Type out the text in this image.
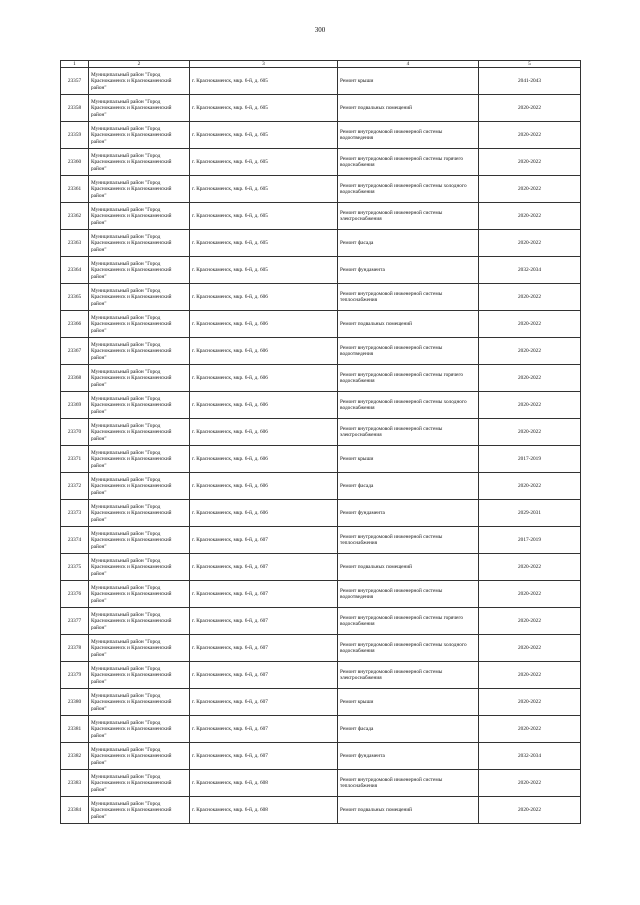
300
1	2	3	4	5
23357	Муниципальный район "Город Краснокаменск и Краснокаменский район"	г. Краснокаменск, мкр. 6-й, д. 605	Ремонт крыши	2041-2043
23358	Муниципальный район "Город Краснокаменск и Краснокаменский район"	г. Краснокаменск, мкр. 6-й, д. 605	Ремонт подвальных помещений	2020-2022
23359	Муниципальный район "Город Краснокаменск и Краснокаменский район"	г. Краснокаменск, мкр. 6-й, д. 605	Ремонт внутридомовой инженерной системы водоотведения	2020-2022
23360	Муниципальный район "Город Краснокаменск и Краснокаменский район"	г. Краснокаменск, мкр. 6-й, д. 605	Ремонт внутридомовой инженерной системы горячего водоснабжения	2020-2022
23361	Муниципальный район "Город Краснокаменск и Краснокаменский район"	г. Краснокаменск, мкр. 6-й, д. 605	Ремонт внутридомовой инженерной системы холодного водоснабжения	2020-2022
23362	Муниципальный район "Город Краснокаменск и Краснокаменский район"	г. Краснокаменск, мкр. 6-й, д. 605	Ремонт внутридомовой инженерной системы электроснабжения	2020-2022
23363	Муниципальный район "Город Краснокаменск и Краснокаменский район"	г. Краснокаменск, мкр. 6-й, д. 605	Ремонт фасада	2020-2022
23364	Муниципальный район "Город Краснокаменск и Краснокаменский район"	г. Краснокаменск, мкр. 6-й, д. 605	Ремонт фундамента	2032-2034
23365	Муниципальный район "Город Краснокаменск и Краснокаменский район"	г. Краснокаменск, мкр. 6-й, д. 606	Ремонт внутридомовой инженерной системы теплоснабжения	2020-2022
23366	Муниципальный район "Город Краснокаменск и Краснокаменский район"	г. Краснокаменск, мкр. 6-й, д. 606	Ремонт подвальных помещений	2020-2022
23367	Муниципальный район "Город Краснокаменск и Краснокаменский район"	г. Краснокаменск, мкр. 6-й, д. 606	Ремонт внутридомовой инженерной системы водоотведения	2020-2022
23368	Муниципальный район "Город Краснокаменск и Краснокаменский район"	г. Краснокаменск, мкр. 6-й, д. 606	Ремонт внутридомовой инженерной системы горячего водоснабжения	2020-2022
23369	Муниципальный район "Город Краснокаменск и Краснокаменский район"	г. Краснокаменск, мкр. 6-й, д. 606	Ремонт внутридомовой инженерной системы холодного водоснабжения	2020-2022
23370	Муниципальный район "Город Краснокаменск и Краснокаменский район"	г. Краснокаменск, мкр. 6-й, д. 606	Ремонт внутридомовой инженерной системы электроснабжения	2020-2022
23371	Муниципальный район "Город Краснокаменск и Краснокаменский район"	г. Краснокаменск, мкр. 6-й, д. 606	Ремонт крыши	2017-2019
23372	Муниципальный район "Город Краснокаменск и Краснокаменский район"	г. Краснокаменск, мкр. 6-й, д. 606	Ремонт фасада	2020-2022
23373	Муниципальный район "Город Краснокаменск и Краснокаменский район"	г. Краснокаменск, мкр. 6-й, д. 606	Ремонт фундамента	2029-2031
23374	Муниципальный район "Город Краснокаменск и Краснокаменский район"	г. Краснокаменск, мкр. 6-й, д. 607	Ремонт внутридомовой инженерной системы теплоснабжения	2017-2019
23375	Муниципальный район "Город Краснокаменск и Краснокаменский район"	г. Краснокаменск, мкр. 6-й, д. 607	Ремонт подвальных помещений	2020-2022
23376	Муниципальный район "Город Краснокаменск и Краснокаменский район"	г. Краснокаменск, мкр. 6-й, д. 607	Ремонт внутридомовой инженерной системы водоотведения	2020-2022
23377	Муниципальный район "Город Краснокаменск и Краснокаменский район"	г. Краснокаменск, мкр. 6-й, д. 607	Ремонт внутридомовой инженерной системы горячего водоснабжения	2020-2022
23378	Муниципальный район "Город Краснокаменск и Краснокаменский район"	г. Краснокаменск, мкр. 6-й, д. 607	Ремонт внутридомовой инженерной системы холодного водоснабжения	2020-2022
23379	Муниципальный район "Город Краснокаменск и Краснокаменский район"	г. Краснокаменск, мкр. 6-й, д. 607	Ремонт внутридомовой инженерной системы электроснабжения	2020-2022
23380	Муниципальный район "Город Краснокаменск и Краснокаменский район"	г. Краснокаменск, мкр. 6-й, д. 607	Ремонт крыши	2020-2022
23381	Муниципальный район "Город Краснокаменск и Краснокаменский район"	г. Краснокаменск, мкр. 6-й, д. 607	Ремонт фасада	2020-2022
23382	Муниципальный район "Город Краснокаменск и Краснокаменский район"	г. Краснокаменск, мкр. 6-й, д. 607	Ремонт фундамента	2032-2034
23383	Муниципальный район "Город Краснокаменск и Краснокаменский район"	г. Краснокаменск, мкр. 6-й, д. 608	Ремонт внутридомовой инженерной системы теплоснабжения	2020-2022
23384	Муниципальный район "Город Краснокаменск и Краснокаменский район"	г. Краснокаменск, мкр. 6-й, д. 608	Ремонт подвальных помещений	2020-2022
